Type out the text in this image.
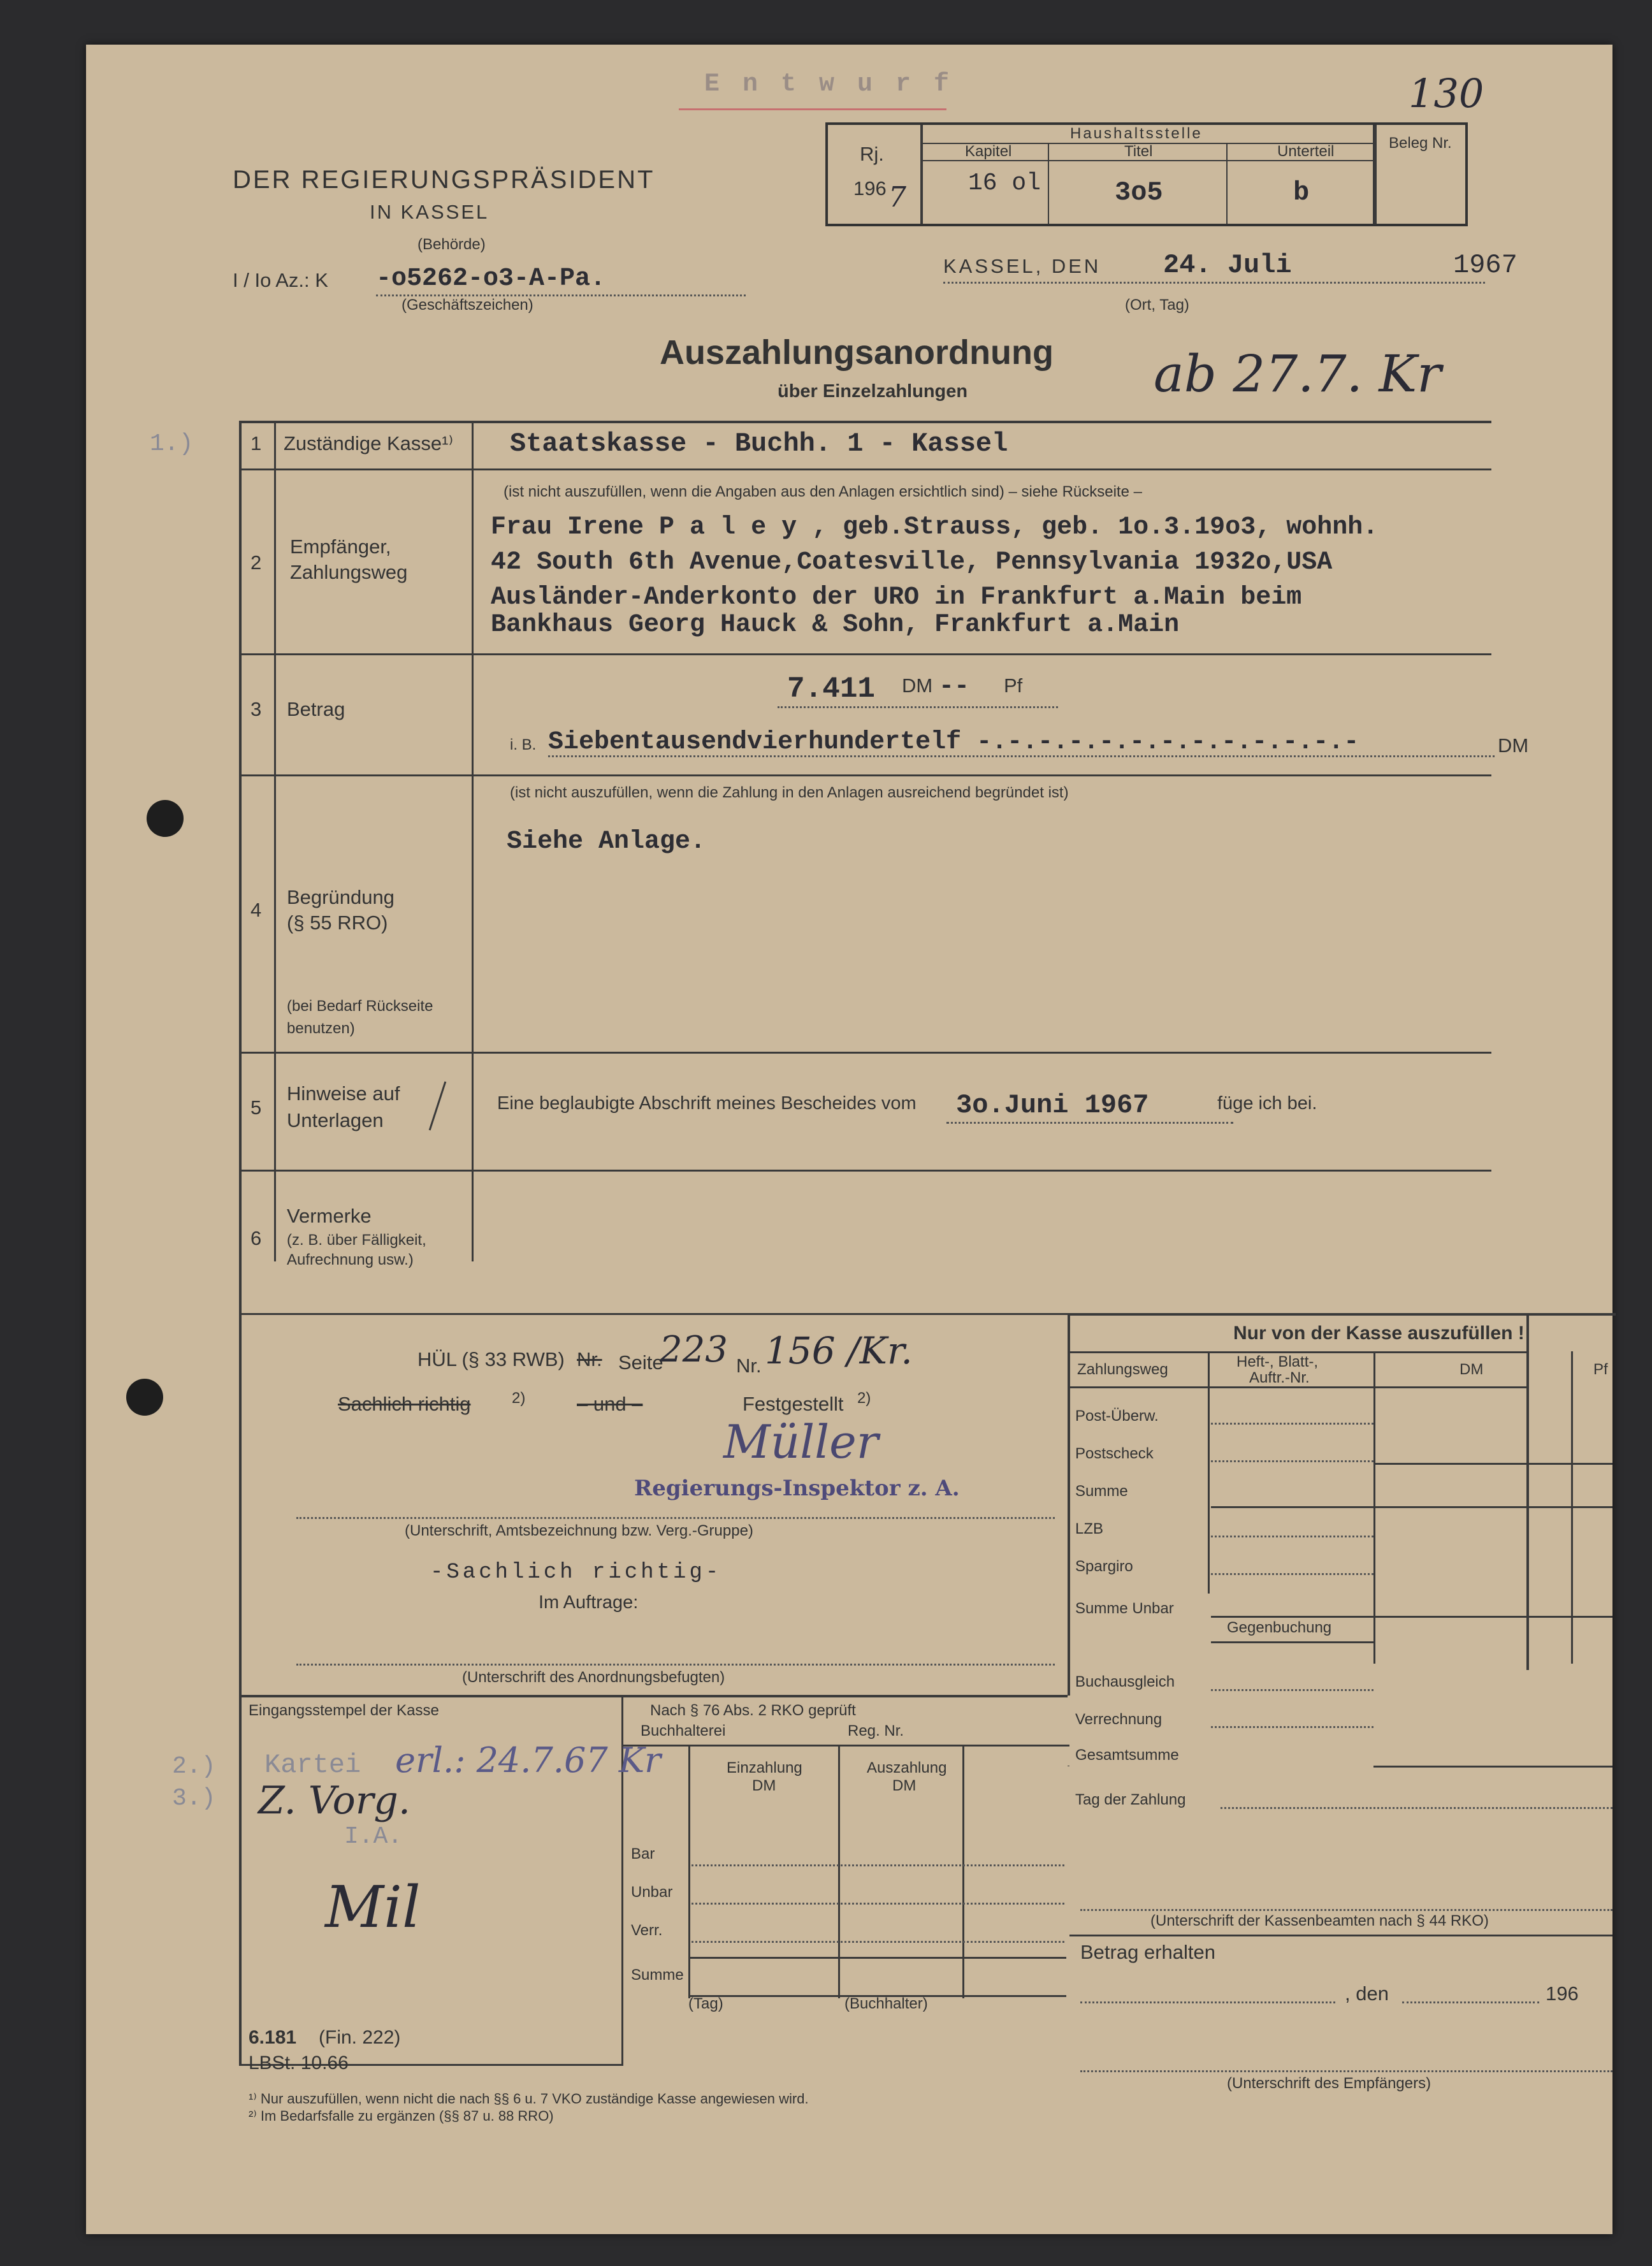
E n t w u r f	130
DER REGIERUNGSPRÄSIDENT
IN KASSEL
(Behörde)
I / Io Az.: K -o5262-o3-A-Pa.
(Geschäftszeichen)
Rj.
196 7
Haushaltsstelle
Kapitel
16 ol
Titel
3o5
Unterteil
b
Beleg Nr.
KASSEL, DEN 24. Juli	1967
(Ort, Tag)
Auszahlungsanordnung
über Einzelzahlungen	ab 27.7. Kr
1.)	1 Zuständige Kasse¹⁾ Staatskasse - Buchh. 1 - Kassel
(ist nicht auszufüllen, wenn die Angaben aus den Anlagen ersichtlich sind) – siehe Rückseite –
2
Empfänger,
Zahlungsweg
Frau Irene P a l e y , geb.Strauss, geb. 1o.3.19o3, wohnh.
42 South 6th Avenue,Coatesville, Pennsylvania 1932o,USA
Ausländer-Anderkonto der URO in Frankfurt a.Main beim
Bankhaus Georg Hauck & Sohn, Frankfurt a.Main
3 Betrag
7.411 DM -- Pf
i. B. Siebentausendvierhundertelf -.-.-.-.-.-.-.-.-.-.-.-.-	DM
(ist nicht auszufüllen, wenn die Zahlung in den Anlagen ausreichend begründet ist)
4
Begründung
(§ 55 RRO)
(bei Bedarf Rückseite
benutzen)
Siehe Anlage.
5
Hinweise auf
Unterlagen
Eine beglaubigte Abschrift meines Bescheides vom 3o.Juni 1967	füge ich bei.
6
Vermerke
(z. B. über Fälligkeit,
Aufrechnung usw.)
HÜL (§ 33 RWB) Nr. Seite
223 Nr. 156 /Kr.
Sachlich richtig	2)	– und –	Festgestellt 2)
Müller
Regierungs-Inspektor z. A.
(Unterschrift, Amtsbezeichnung bzw. Verg.-Gruppe)
-Sachlich richtig-
Im Auftrage:
(Unterschrift des Anordnungsbefugten)
Eingangsstempel der Kasse	Nach § 76 Abs. 2 RKO geprüft
Buchhalterei	Reg. Nr.
Einzahlung
DM
Auszahlung
DM
Bar
Unbar
Verr.
Summe
(Tag)	(Buchhalter)
2.)
3.)
Kartei erl.: 24.7.67 Kr
Z. Vorg.
I.A.
Mil
6.181 (Fin. 222)
LBSt. 10.66
¹⁾ Nur auszufüllen, wenn nicht die nach §§ 6 u. 7 VKO zuständige Kasse angewiesen wird.
²⁾ Im Bedarfsfalle zu ergänzen (§§ 87 u. 88 RRO)
Nur von der Kasse auszufüllen !
Zahlungsweg	Heft-, Blatt-,
Auftr.-Nr.	DM	Pf
Post-Überw.
Postscheck
Summe
LZB
Spargiro
Summe Unbar
Gegenbuchung
Buchausgleich
Verrechnung
Gesamtsumme
Tag der Zahlung
(Unterschrift der Kassenbeamten nach § 44 RKO)
Betrag erhalten
, den	196
(Unterschrift des Empfängers)
